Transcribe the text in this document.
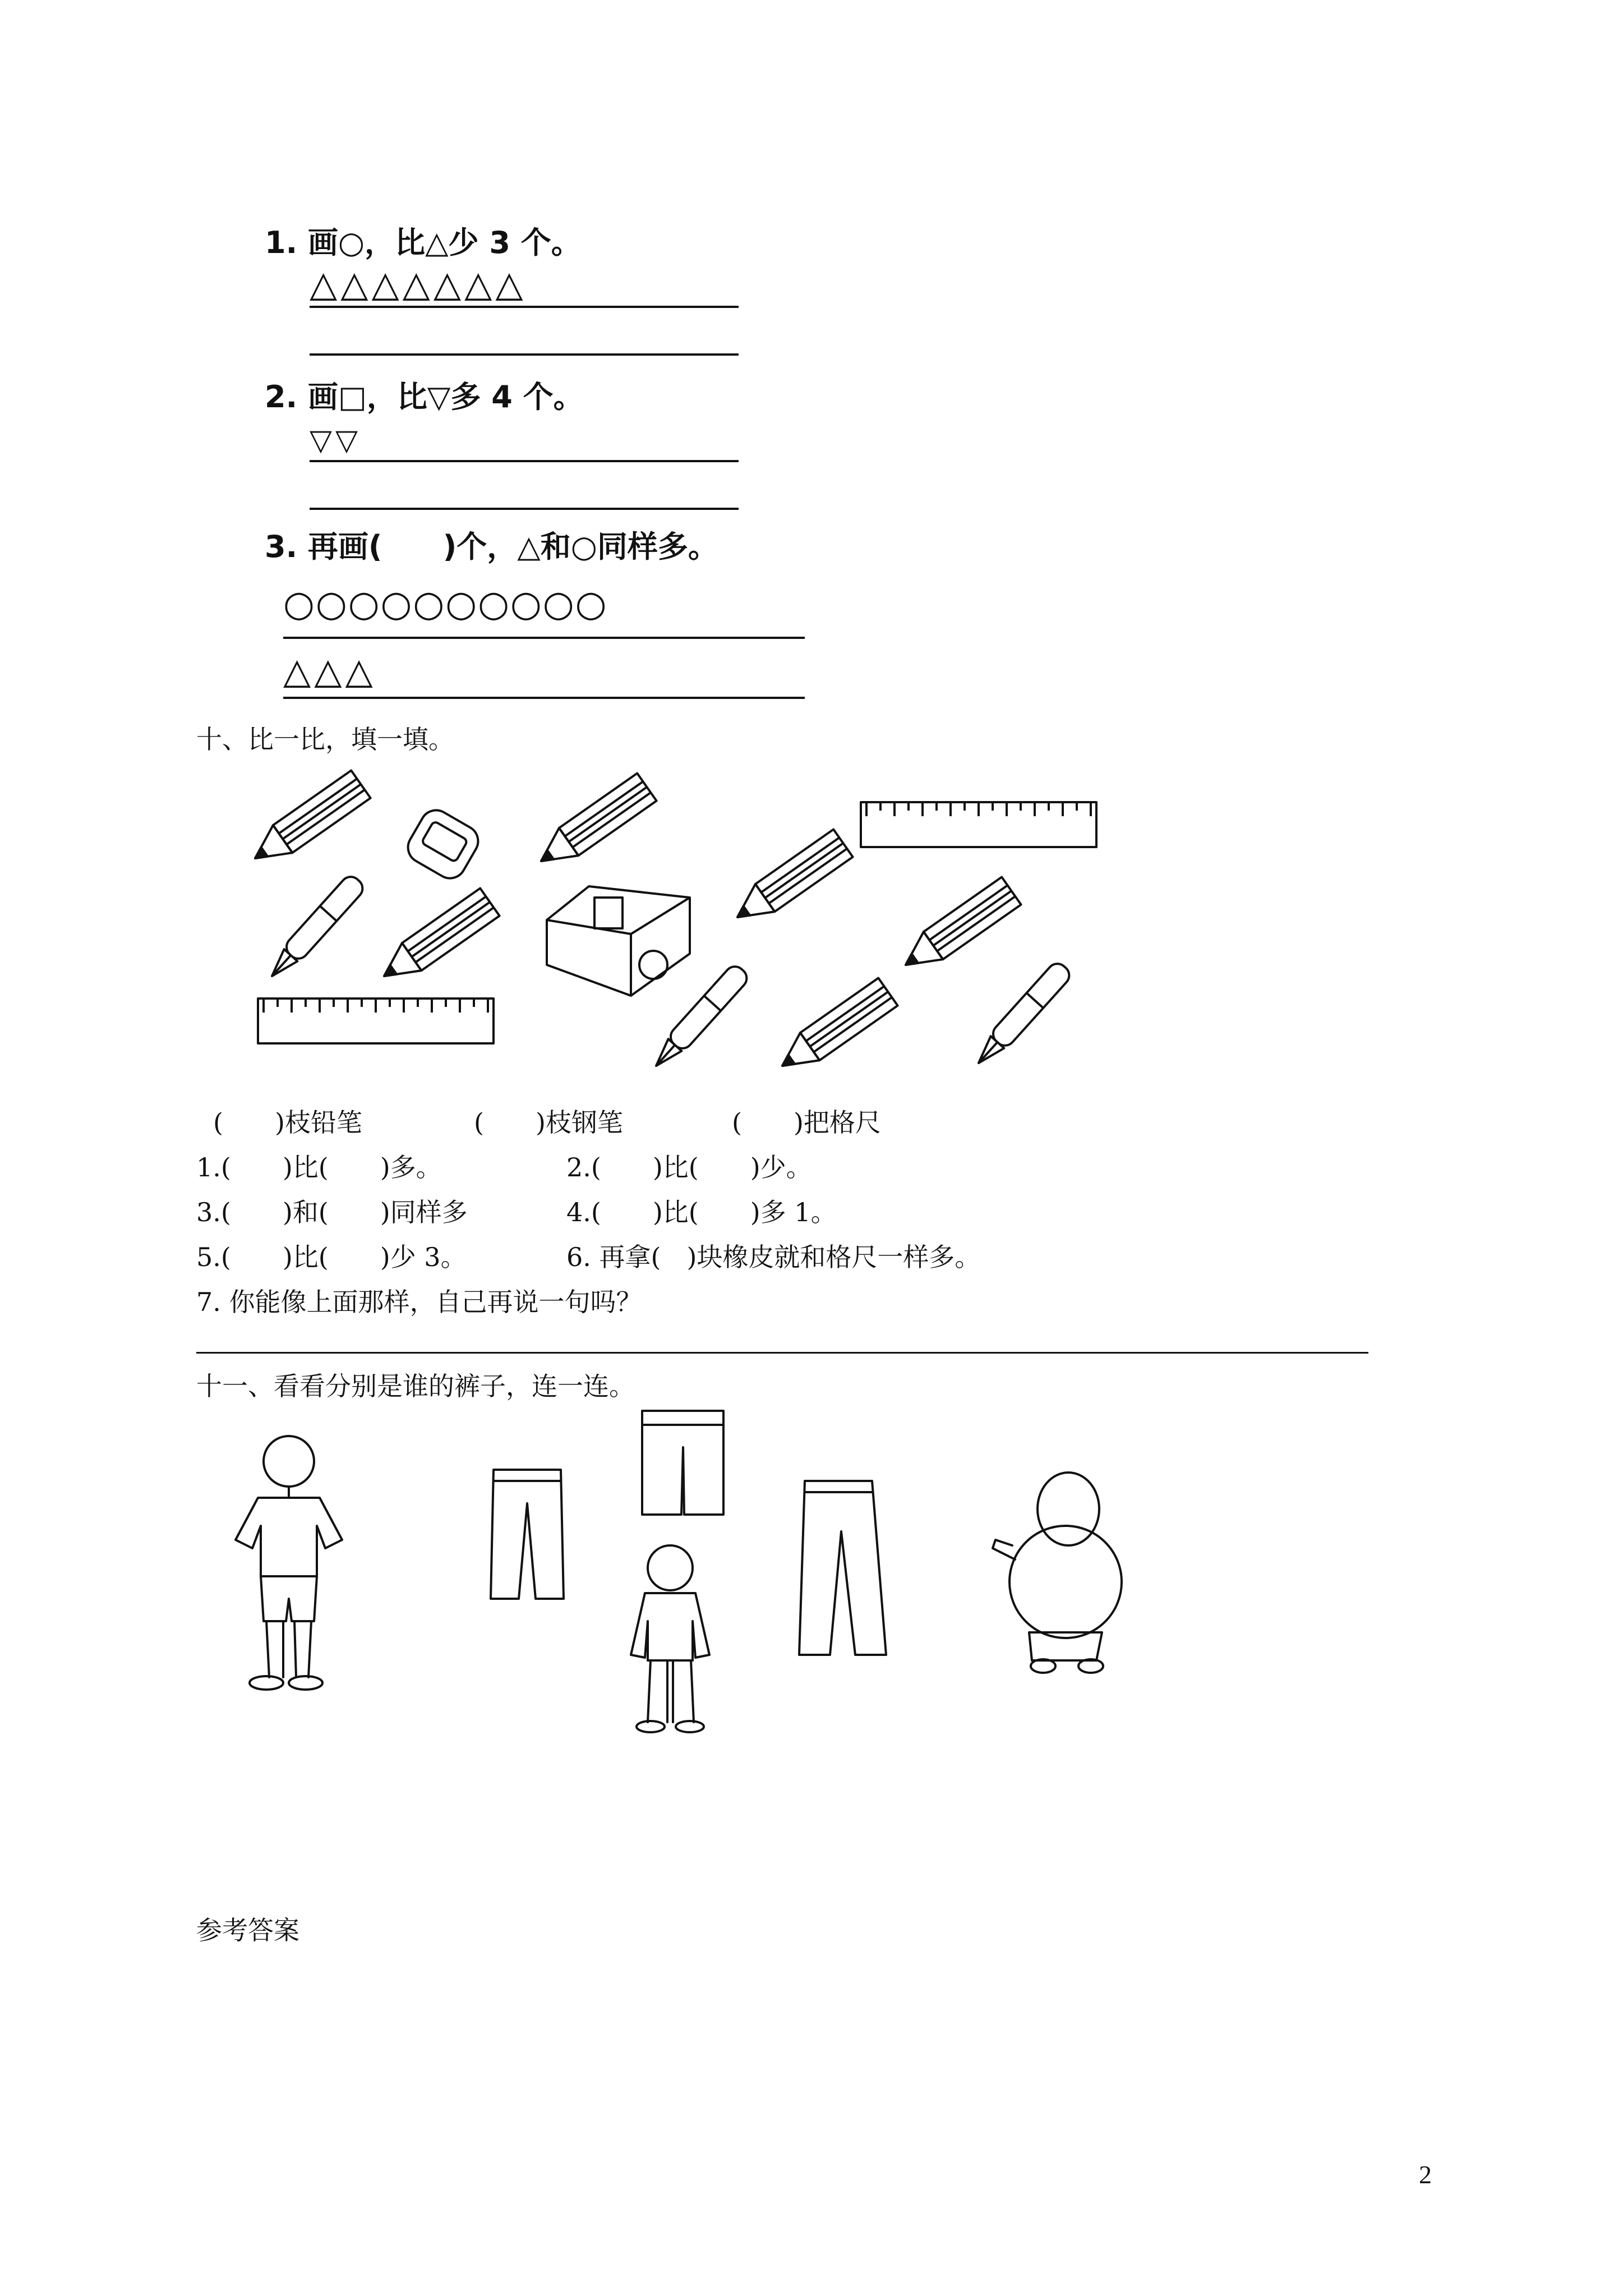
1. 画○，比△少 3 个。
△△△△△△△
2. 画□，比▽多 4 个。
▽▽
3. 再画(　　)个，△和○同样多。
○○○○○○○○○○
△△△
十、比一比，填一填。
(　　)枝铅笔	(　　)枝钢笔	(　　)把格尺
1.(　　)比(　　)多。	2.(　　)比(　　)少。
3.(　　)和(　　)同样多	4.(　　)比(　　)多 1。
5.(　　)比(　　)少 3。	6. 再拿(　)块橡皮就和格尺一样多。
7. 你能像上面那样，自己再说一句吗？
十一、看看分别是谁的裤子，连一连。
参考答案
2
